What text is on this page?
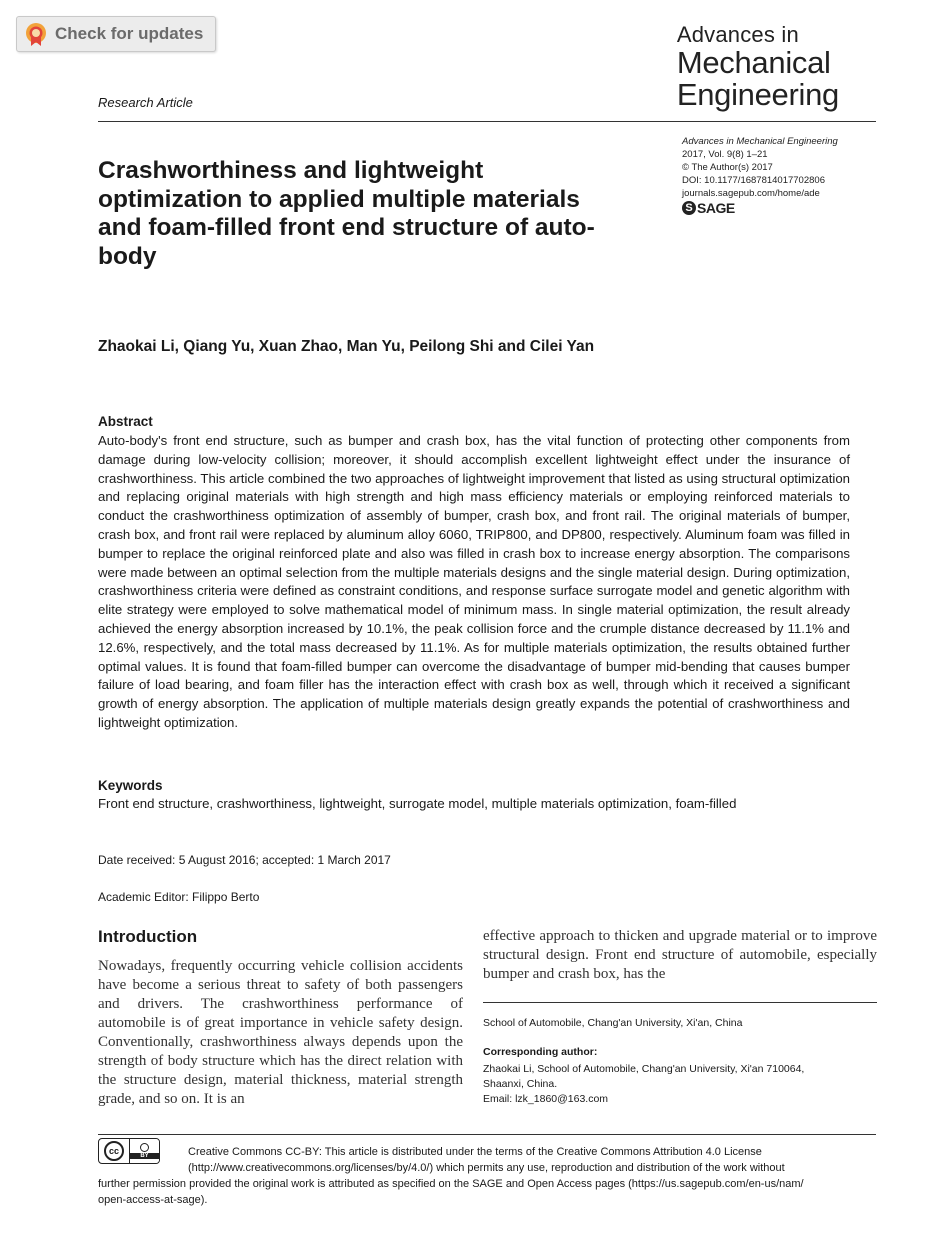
Check for updates	Advances in
Mechanical
Engineering
Research Article
Advances in Mechanical Engineering
2017, Vol. 9(8) 1–21
© The Author(s) 2017
DOI: 10.1177/1687814017702806
journals.sagepub.com/home/ade
S SAGE
Crashworthiness and lightweight optimization to applied multiple materials and foam-filled front end structure of auto-body
Zhaokai Li, Qiang Yu, Xuan Zhao, Man Yu, Peilong Shi and Cilei Yan
Abstract
Auto-body's front end structure, such as bumper and crash box, has the vital function of protecting other components from damage during low-velocity collision; moreover, it should accomplish excellent lightweight effect under the insurance of crashworthiness. This article combined the two approaches of lightweight improvement that listed as using structural optimization and replacing original materials with high strength and high mass efficiency materials or employing reinforced materials to conduct the crashworthiness optimization of assembly of bumper, crash box, and front rail. The original materials of bumper, crash box, and front rail were replaced by aluminum alloy 6060, TRIP800, and DP800, respectively. Aluminum foam was filled in bumper to replace the original reinforced plate and also was filled in crash box to increase energy absorption. The comparisons were made between an optimal selection from the multiple materials designs and the single material design. During optimization, crashworthiness criteria were defined as constraint conditions, and response surface surrogate model and genetic algorithm with elite strategy were employed to solve mathematical model of minimum mass. In single material optimization, the result already achieved the energy absorption increased by 10.1%, the peak collision force and the crumple distance decreased by 11.1% and 12.6%, respectively, and the total mass decreased by 11.1%. As for multiple materials optimization, the results obtained further optimal values. It is found that foam-filled bumper can overcome the disadvantage of bumper mid-bending that causes bumper failure of load bearing, and foam filler has the interaction effect with crash box as well, through which it received a significant growth of energy absorption. The application of multiple materials design greatly expands the potential of crashworthiness and lightweight optimization.
Keywords
Front end structure, crashworthiness, lightweight, surrogate model, multiple materials optimization, foam-filled
Date received: 5 August 2016; accepted: 1 March 2017
Academic Editor: Filippo Berto
Introduction
Nowadays, frequently occurring vehicle collision accidents have become a serious threat to safety of both passengers and drivers. The crashworthiness performance of automobile is of great importance in vehicle safety design. Conventionally, crashworthiness always depends upon the strength of body structure which has the direct relation with the structure design, material thickness, material strength grade, and so on. It is an
effective approach to thicken and upgrade material or to improve structural design. Front end structure of automobile, especially bumper and crash box, has the
School of Automobile, Chang'an University, Xi'an, China
Corresponding author:
Zhaokai Li, School of Automobile, Chang'an University, Xi'an 710064,
Shaanxi, China.
Email: lzk_1860@163.com
cc	BY	Creative Commons CC-BY: This article is distributed under the terms of the Creative Commons Attribution 4.0 License
(http://www.creativecommons.org/licenses/by/4.0/) which permits any use, reproduction and distribution of the work without
further permission provided the original work is attributed as specified on the SAGE and Open Access pages (https://us.sagepub.com/en-us/nam/
open-access-at-sage).
